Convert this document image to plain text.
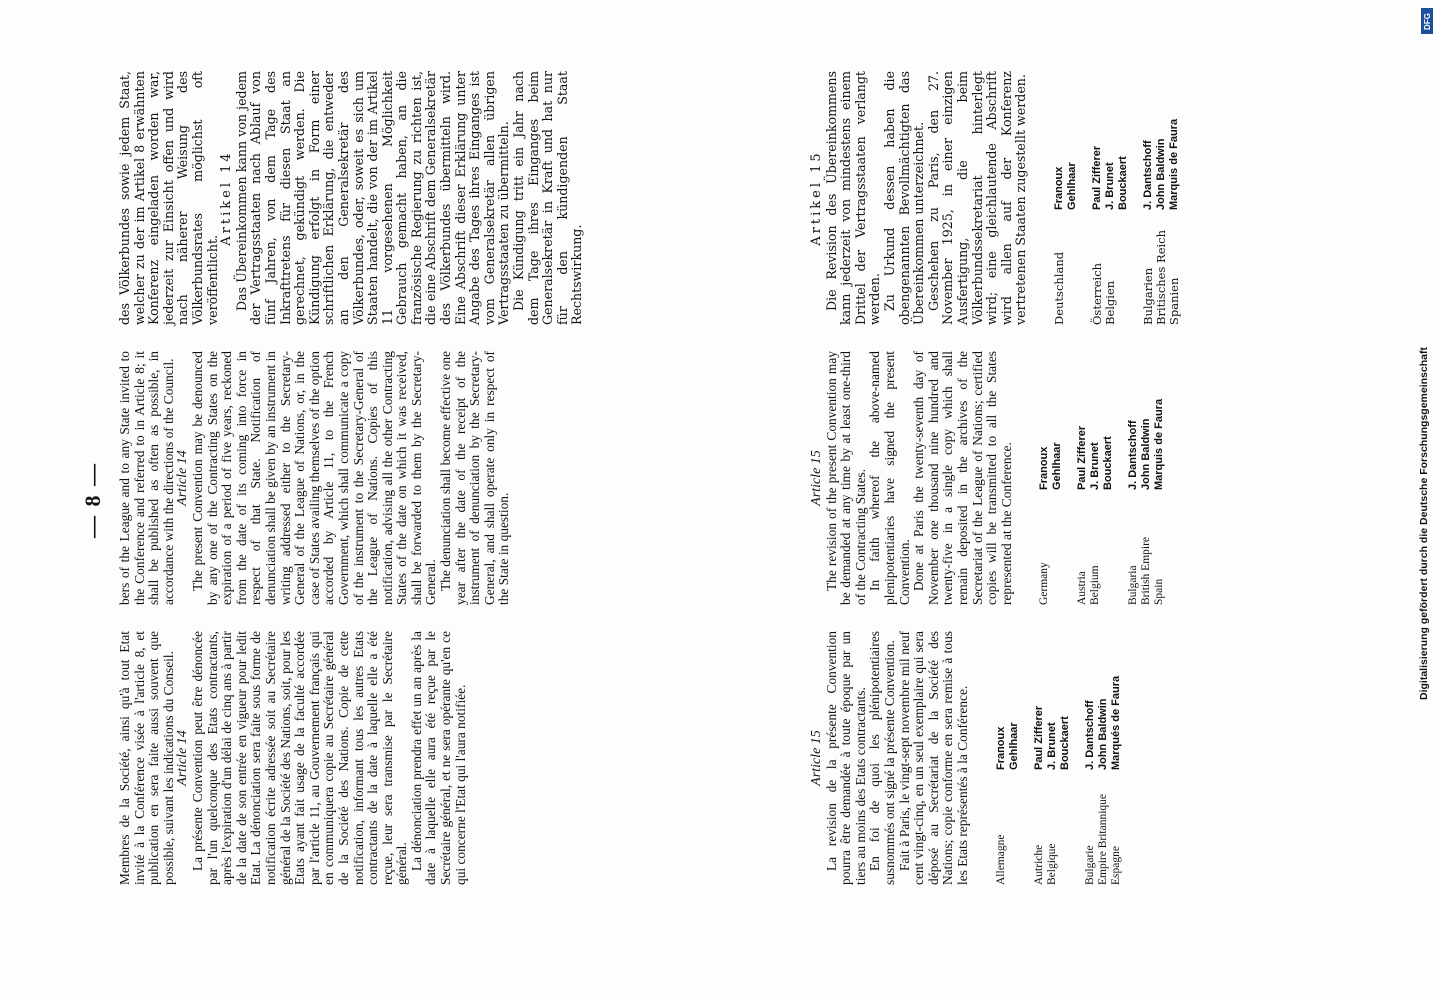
— 8 —

Membres de la Société, ainsi qu'à tout Etat invité à la Conférence visée à l'article 8, et publication en sera faite aussi souvent que possible, suivant les indications du Conseil. Article 14 La présente Convention peut être dénoncée par l'un quelconque des Etats contractants, après l'expiration d'un délai de cinq ans à partir de la date de son entrée en vigueur pour ledit Etat. La dénonciation sera faite sous forme de notification écrite adressée soit au Secrétaire général de la Société des Nations, soit, pour les Etats ayant fait usage de la faculté accordée par l'article 11, au Gouvernement français qui en communiquera copie au Secrétaire général de la Société des Nations. Copie de cette notification, informant tous les autres Etats contractants de la date à laquelle elle a été reçue, leur sera transmise par le Secrétaire général. La dénonciation prendra effet un an après la date à laquelle elle aura été reçue par le Secrétaire général, et ne sera opérante qu'en ce qui concerne l'Etat qui l'aura notifiée.

bers of the League and to any State invited to the Conference and referred to in Article 8; it shall be published as often as possible, in accordance with the directions of the Council. Article 14 The present Convention may be denounced by any one of the Contracting States on the expiration of a period of five years, reckoned from the date of its coming into force in respect of that State. Notification of denunciation shall be given by an instrument in writing addressed either to the Secretary-General of the League of Nations, or, in the case of States availing themselves of the option accorded by Article 11, to the French Government, which shall communicate a copy of the instrument to the Secretary-General of the League of Nations. Copies of this notification, advising all the other Contracting States of the date on which it was received, shall be forwarded to them by the Secretary-General. The denunciation shall become effective one year after the date of the receipt of the instrument of denunciation by the Secretary-General, and shall operate only in respect of the State in question.

des Völkerbundes sowie jedem Staat, welcher zu der im Artikel 8 erwähnten Konferenz eingeladen worden war, jederzeit zur Einsicht offen und wird nach näherer Weisung des Völkerbundsrates möglichst oft veröffentlicht.

Artikel 14 Das Übereinkommen kann von jedem der Vertragsstaaten nach Ablauf von fünf Jahren, von dem Tage des Inkrafttretens für diesen Staat an gerechnet, gekündigt werden. Die Kündigung erfolgt in Form einer schriftlichen Erklärung, die entweder an den Generalsekretär des Völkerbundes, oder, soweit es sich um Staaten handelt, die von der im Artikel 11 vorgesehenen Möglichkeit Gebrauch gemacht haben, an die französische Regierung zu richten ist, die eine Abschrift dem Generalsekretär des Völkerbundes übermitteln wird. Eine Abschrift dieser Erklärung unter Angabe des Tages ihres Einganges ist vom Generalsekretär allen übrigen Vertragsstaaten zu übermitteln. Die Kündigung tritt ein Jahr nach dem Tage ihres Einganges beim Generalsekretär in Kraft und hat nur für den kündigenden Staat Rechtswirkung.

Article 15 La revision de la présente Convention pourra être demandée à toute époque par un tiers au moins des Etats contractants. En foi de quoi les plénipotentiaires susnommés ont signé la présente Convention. Fait à Paris, le vingt-sept novembre mil neuf cent vingt-cinq, en un seul exemplaire qui sera déposé au Secrétariat de la Société des Nations; copie conforme en sera remise à tous les Etats représentés à la Conférence. Allemagne
Fraпoux Gehlhaar
Autriche
Paul Zifferer
Belgique
J. Brunet Bouckaert
Bulgarie
J. Dantschoff
Empire Britannique
John Baldwin
Espagne
Marqués de Faura

Article 15 The revision of the present Convention may be demanded at any time by at least one-third of the Contracting States. In faith whereof the above-named plenipotentiaries have signed the present Convention. Done at Paris the twenty-seventh day of November one thousand nine hundred and twenty-five in a single copy which shall remain deposited in the archives of the Secretariat of the League of Nations; certified copies will be transmitted to all the States represented at the Conference. Germany
Franoux Gehlhaar
Austria
Paul Zifferer
Belgium
J. Brunet Bouckaert
Bulgaria
J. Dantschoff
British Empire
John Baldwin
Spain
Marquis de Faura

Artikel 15 Die Revision des Übereinkommens kann jederzeit von mindestens einem Drittel der Vertragsstaaten verlangt werden. Zu Urkund dessen haben die obengenannten Bevollmächtigten das Übereinkommen unterzeichnet. Geschehen zu Paris, den 27. November 1925, in einer einzigen Ausfertigung, die beim Völkerbundssekretariat hinterlegt wird; eine gleichlautende Abschrift wird allen auf der Konferenz vertretenen Staaten zugestellt werden. Deutschland
Franoux Gehlhaar
Österreich
Paul Zifferer
Belgien
J. Brunet Bouckaert
Bulgarien
J. Dantschoff
Britisches Reich
John Baldwin
Spanien
Marquis de Faura
DFG
Digitalisierung gefördert durch die Deutsche Forschungsgemeinschaft
